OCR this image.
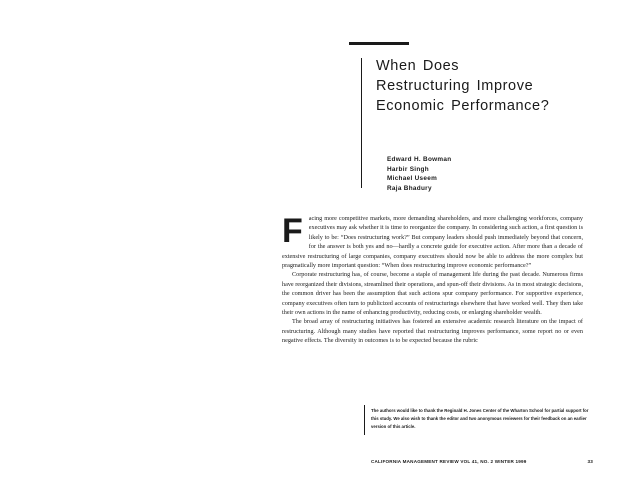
When Does
Restructuring Improve
Economic Performance?
Edward H. Bowman
Harbir Singh
Michael Useem
Raja Bhadury

Facing more competitive markets, more demanding shareholders, and more challenging workforces, company executives may ask whether it is time to reorganize the company. In considering such action, a first question is likely to be: “Does restructuring work?” But company leaders should push immediately beyond that concern, for the answer is both yes and no—hardly a concrete guide for executive action. After more than a decade of extensive restructuring of large companies, company executives should now be able to address the more complex but pragmatically more important question: “When does restructuring improve economic performance?”

Corporate restructuring has, of course, become a staple of management life during the past decade. Numerous firms have reorganized their divisions, streamlined their operations, and spun-off their divisions. As in most strategic decisions, the common driver has been the assumption that such actions spur company performance. For supportive experience, company executives often turn to publicized accounts of restructurings elsewhere that have worked well. They then take their own actions in the name of enhancing productivity, reducing costs, or enlarging shareholder wealth.

The broad array of restructuring initiatives has fostered an extensive academic research literature on the impact of restructuring. Although many studies have reported that restructuring improves performance, some report no or even negative effects. The diversity in outcomes is to be expected because the rubric

The authors would like to thank the Reginald H. Jones Center of the Wharton School for partial support for this study. We also wish to thank the editor and two anonymous reviewers for their feedback on an earlier version of this article.
CALIFORNIA MANAGEMENT REVIEW VOL 41, NO. 2 WINTER 1999	33
